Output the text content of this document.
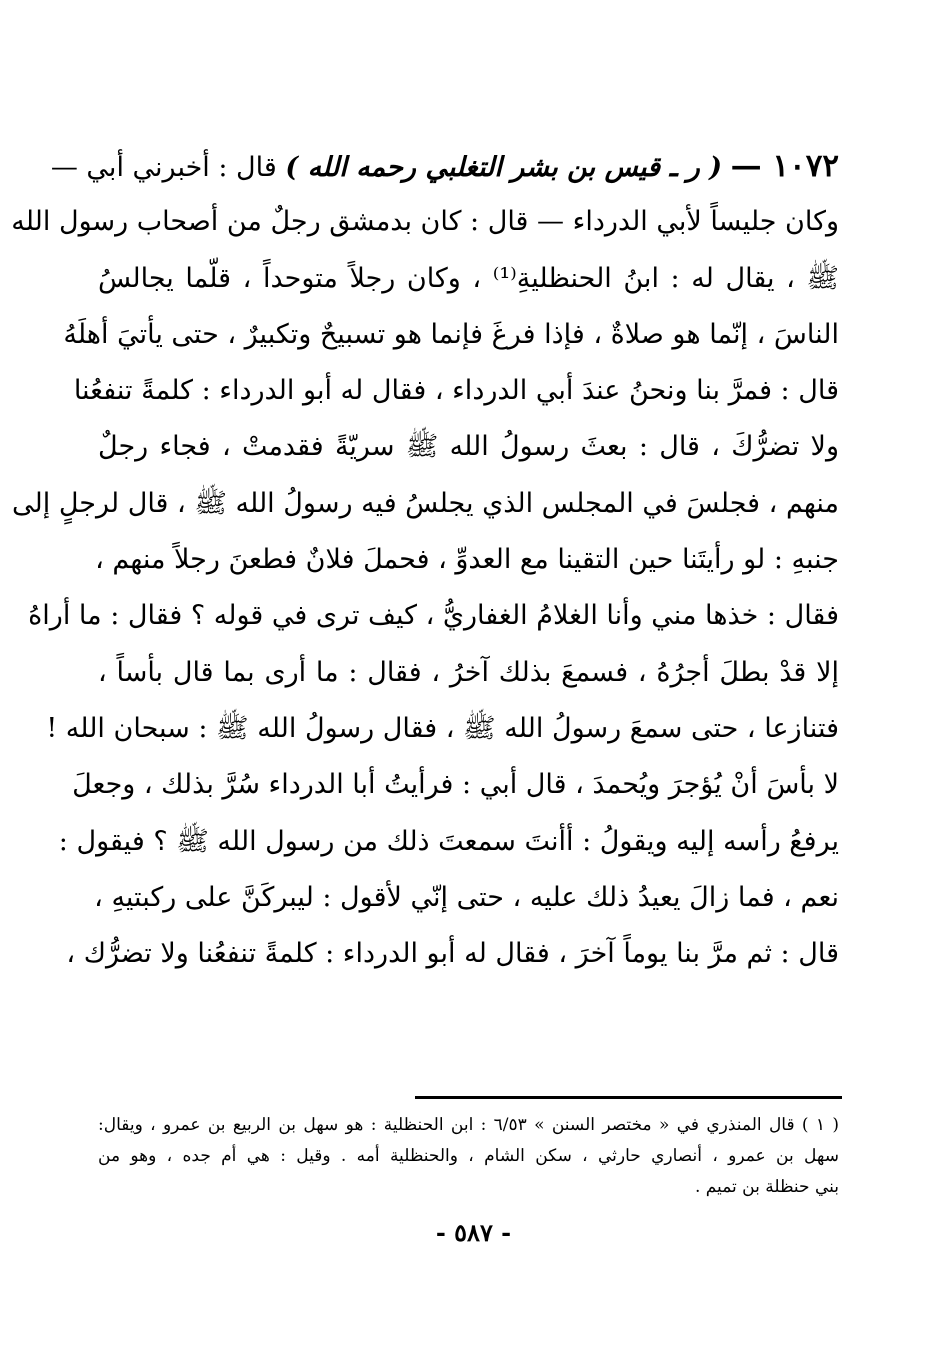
١٠٧٢ — ( ر ـ قيس بن بشر التغلبي رحمه الله ) قال : أخبرني أبي —
وكان جليساً لأبي الدرداء — قال : كان بدمشق رجلٌ من أصحاب رسول الله
ﷺ ، يقال له : ابنُ الحنظليةِ⁽¹⁾ ، وكان رجلاً متوحداً ، قلّما يجالسُ
الناسَ ، إنّما هو صلاةٌ ، فإذا فرغَ فإنما هو تسبيحٌ وتكبيرٌ ، حتى يأتيَ أهلَهُ
قال : فمرَّ بنا ونحنُ عندَ أبي الدرداء ، فقال له أبو الدرداء : كلمةً تنفعُنا
ولا تضرُّكَ ، قال : بعثَ رسولُ الله ﷺ سريّةً فقدمتْ ، فجاء رجلٌ
منهم ، فجلسَ في المجلس الذي يجلسُ فيه رسولُ الله ﷺ ، قال لرجلٍ إلى
جنبهِ : لو رأيتَنا حين التقينا مع العدوِّ ، فحملَ فلانٌ فطعنَ رجلاً منهم ،
فقال : خذها مني وأنا الغلامُ الغفاريُّ ، كيف ترى في قوله ؟ فقال : ما أراهُ
إلا قدْ بطلَ أجرُهُ ، فسمعَ بذلك آخرُ ، فقال : ما أرى بما قال بأساً ،
فتنازعا ، حتى سمعَ رسولُ الله ﷺ ، فقال رسولُ الله ﷺ : سبحان الله !
لا بأسَ أنْ يُؤجرَ ويُحمدَ ، قال أبي : فرأيتُ أبا الدرداء سُرَّ بذلك ، وجعلَ
يرفعُ رأسه إليه ويقولُ : أأنتَ سمعتَ ذلك من رسول الله ﷺ ؟ فيقول :
نعم ، فما زالَ يعيدُ ذلك عليه ، حتى إنّي لأقول : ليبركَنَّ على ركبتيهِ ،
قال : ثم مرَّ بنا يوماً آخرَ ، فقال له أبو الدرداء : كلمةً تنفعُنا ولا تضرُّك ،
( ١ ) قال المنذري في « مختصر السنن » ٦/٥٣ : ابن الحنظلية : هو سهل بن الربيع بن عمرو ، ويقال:
سهل بن عمرو ، أنصاري حارثي ، سكن الشام ، والحنظلية أمه . وقيل : هي أم جده ، وهو من
بني حنظلة بن تميم .
- ٥٨٧ -
